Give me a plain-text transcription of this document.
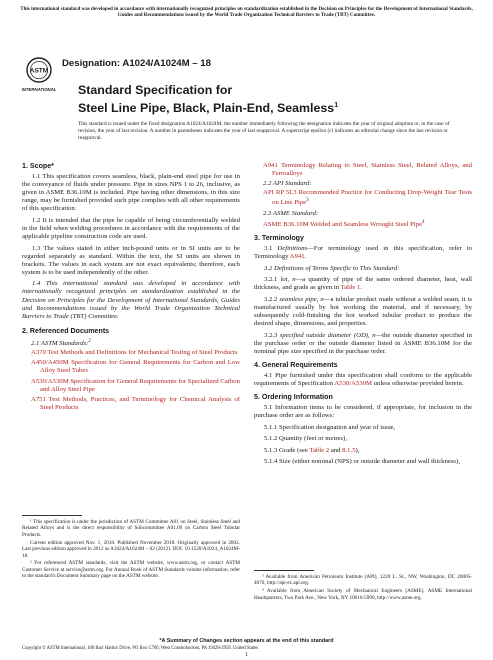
This international standard was developed in accordance with internationally recognized principles on standardization established in the Decision on Principles for the Development of International Standards, Guides and Recommendations issued by the World Trade Organization Technical Barriers to Trade (TBT) Committee.
ASTM
INTERNATIONAL
Designation: A1024/A1024M – 18
Standard Specification for
Steel Line Pipe, Black, Plain-End, Seamless$^1$
This standard is issued under the fixed designation A1024/A1024M; the number immediately following the designation indicates the year of original adoption or, in the case of revision, the year of last revision. A number in parentheses indicates the year of last reapproval. A superscript epsilon (ε) indicates an editorial change since the last revision or reapproval.
1. Scope*

1.1 This specification covers seamless, black, plain-end steel pipe for use in the conveyance of fluids under pressure. Pipe in sizes NPS 1 to 26, inclusive, as given in ASME B36.10M is included. Pipe having other dimensions, in this size range, may be furnished provided such pipe complies with all other requirements of this specification.

1.2 It is intended that the pipe be capable of being circumferentially welded in the field when welding procedures in accordance with the requirements of the applicable pipeline construction code are used.

1.3 The values stated in either inch-pound units or in SI units are to be regarded separately as standard. Within the text, the SI units are shown in brackets. The values in each system are not exact equivalents; therefore, each system is to be used independently of the other.

1.4 This international standard was developed in accordance with internationally recognized principles on standardization established in the Decision on Principles for the Development of International Standards, Guides and Recommendations issued by the World Trade Organization Technical Barriers to Trade (TBT) Committee.

2. Referenced Documents

2.1 ASTM Standards:$^2$

A370 Test Methods and Definitions for Mechanical Testing of Steel Products
A450/A450M Specification for General Requirements for Carbon and Low Alloy Steel Tubes
A530/A530M Specification for General Requirements for Specialized Carbon and Alloy Steel Pipe
A751 Test Methods, Practices, and Terminology for Chemical Analysis of Steel Products

¹ This specification is under the jurisdiction of ASTM Committee A01 on Steel, Stainless Steel and Related Alloys and is the direct responsibility of Subcommittee A01.09 on Carbon Steel Tubular Products.

Current edition approved Nov. 1, 2018. Published November 2018. Originally approved in 2002. Last previous edition approved in 2012 as A1024/A1024M – 02 (2012). DOI: 10.1520/A1024_A1024M-18.

² For referenced ASTM standards, visit the ASTM website, www.astm.org, or contact ASTM Customer Service at service@astm.org. For Annual Book of ASTM Standards volume information, refer to the standard's Document Summary page on the ASTM website.

A941 Terminology Relating to Steel, Stainless Steel, Related Alloys, and Ferroalloys

2.2 API Standard:

API RP 5L3 Recommended Practice for Conducting Drop-Weight Tear Tests on Line Pipe$^3$

2.3 ASME Standard:

ASME B36.10M Welded and Seamless Wrought Steel Pipe$^4$
3. Terminology

3.1 Definitions—For terminology used in this specification, refer to Terminology A941.

3.2 Definitions of Terms Specific to This Standard:

3.2.1 lot, n—a quantity of pipe of the same ordered diameter, heat, wall thickness, and grade as given in Table 1.

3.2.2 seamless pipe, n—a tubular product made without a welded seam; it is manufactured usually by hot working the material, and if necessary, by subsequently cold-finishing the hot worked tubular product to produce the desired shape, dimensions, and properties.

3.2.3 specified outside diameter (OD), n—the outside diameter specified in the purchase order or the outside diameter listed in ASME B36.10M for the nominal pipe size specified in the purchase order.

4. General Requirements

4.1 Pipe furnished under this specification shall conform to the applicable requirements of Specification A530/A530M unless otherwise provided herein.

5. Ordering Information

5.1 Information items to be considered, if appropriate, for inclusion in the purchase order are as follows:

5.1.1 Specification designation and year of issue,

5.1.2 Quantity (feet or metres),

5.1.3 Grade (see Table 2 and 8.1.5),

5.1.4 Size (either nominal (NPS) or outside diameter and wall thickness),

³ Available from American Petroleum Institute (API), 1220 L. St., NW, Washington, DC 20005-4070, http://api-ec.api.org.

⁴ Available from American Society of Mechanical Engineers (ASME), ASME International Headquarters, Two Park Ave., New York, NY 10016-5990, http://www.asme.org.

*A Summary of Changes section appears at the end of this standard
Copyright © ASTM International, 100 Barr Harbor Drive, PO Box C700, West Conshohocken, PA 19428-2959. United States
1
